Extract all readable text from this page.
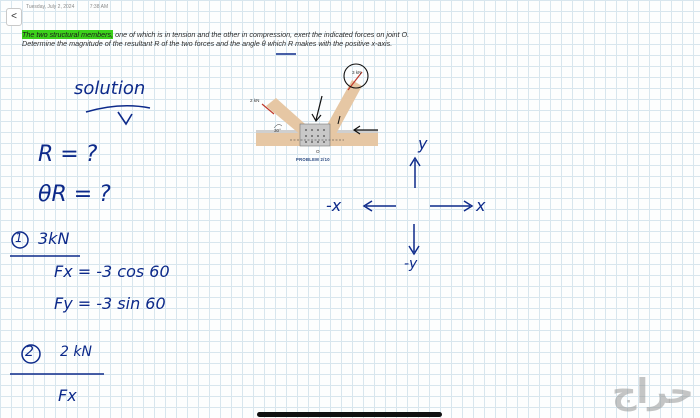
<
Tuesday, July 2, 2024	7:38 AM
The two structural members, one of which is in tension and the other in compression, exert the indicated forces on joint O. Determine the magnitude of the resultant R of the two forces and the angle θ which R makes with the positive x-axis.
3 kN
2 kN
30°
O
PROBLEM 2/10
solution
R = ?
θR = ?
1 3kN
Fx = -3 cos 60
Fy = -3 sin 60
2 2 kN
Fx
y
-y
x
-x
حراج
